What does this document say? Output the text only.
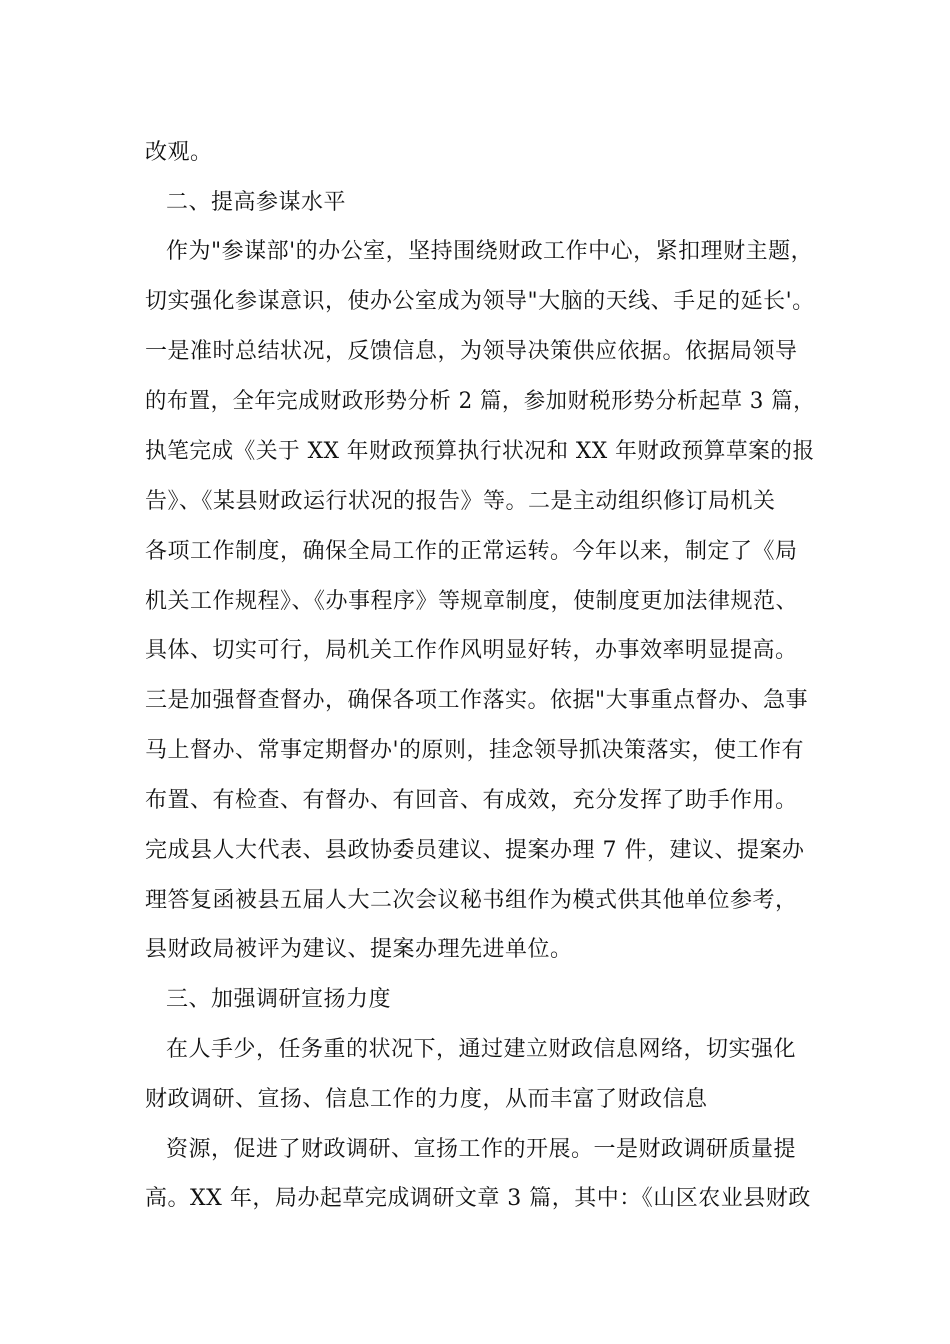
改观。
二、提高参谋水平
作为"参谋部'的办公室，坚持围绕财政工作中心，紧扣理财主题，
切实强化参谋意识，使办公室成为领导"大脑的天线、手足的延长'。
一是准时总结状况，反馈信息，为领导决策供应依据。依据局领导
的布置，全年完成财政形势分析 2 篇，参加财税形势分析起草 3 篇，
执笔完成《关于 XX 年财政预算执行状况和 XX 年财政预算草案的报
告》、《某县财政运行状况的报告》等。二是主动组织修订局机关
各项工作制度，确保全局工作的正常运转。今年以来，制定了《局
机关工作规程》、《办事程序》等规章制度，使制度更加法律规范、
具体、切实可行，局机关工作作风明显好转，办事效率明显提高。
三是加强督查督办，确保各项工作落实。依据"大事重点督办、急事
马上督办、常事定期督办'的原则，挂念领导抓决策落实，使工作有
布置、有检查、有督办、有回音、有成效，充分发挥了助手作用。
完成县人大代表、县政协委员建议、提案办理 7 件，建议、提案办
理答复函被县五届人大二次会议秘书组作为模式供其他单位参考，
县财政局被评为建议、提案办理先进单位。
三、加强调研宣扬力度
在人手少，任务重的状况下，通过建立财政信息网络，切实强化
财政调研、宣扬、信息工作的力度，从而丰富了财政信息
资源，促进了财政调研、宣扬工作的开展。一是财政调研质量提
高。XX 年，局办起草完成调研文章 3 篇，其中：《山区农业县财政
